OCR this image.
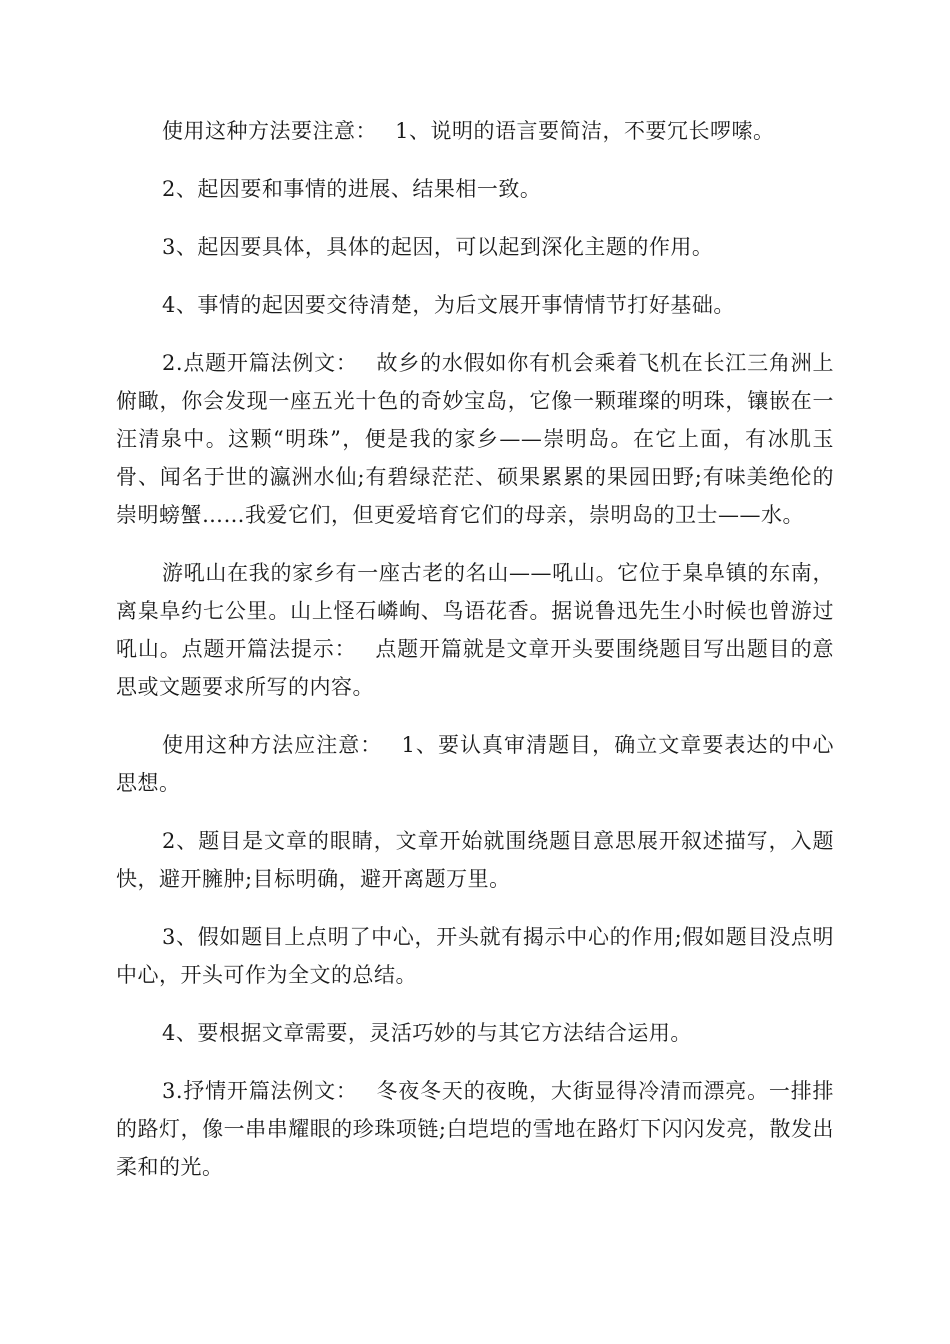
使用这种方法要注意：　 1、说明的语言要简洁，不要冗长啰嗦。

2、起因要和事情的进展、结果相一致。

3、起因要具体，具体的起因，可以起到深化主题的作用。

4、事情的起因要交待清楚，为后文展开事情情节打好基础。

2.点题开篇法例文：　 故乡的水假如你有机会乘着飞机在长江三角洲上俯瞰，你会发现一座五光十色的奇妙宝岛，它像一颗璀璨的明珠，镶嵌在一汪清泉中。这颗“明珠”，便是我的家乡——崇明岛。在它上面，有冰肌玉骨、闻名于世的瀛洲水仙;有碧绿茫茫、硕果累累的果园田野;有味美绝伦的崇明螃蟹……我爱它们，但更爱培育它们的母亲，崇明岛的卫士——水。

游吼山在我的家乡有一座古老的名山——吼山。它位于臬阜镇的东南，离臬阜约七公里。山上怪石嶙峋、鸟语花香。据说鲁迅先生小时候也曾游过吼山。点题开篇法提示：　 点题开篇就是文章开头要围绕题目写出题目的意思或文题要求所写的内容。

使用这种方法应注意：　 1、要认真审清题目，确立文章要表达的中心思想。

2、题目是文章的眼睛，文章开始就围绕题目意思展开叙述描写，入题快，避开臃肿;目标明确，避开离题万里。

3、假如题目上点明了中心，开头就有揭示中心的作用;假如题目没点明中心，开头可作为全文的总结。

4、要根据文章需要，灵活巧妙的与其它方法结合运用。

3.抒情开篇法例文：　 冬夜冬天的夜晚，大街显得冷清而漂亮。一排排的路灯，像一串串耀眼的珍珠项链;白垲垲的雪地在路灯下闪闪发亮，散发出柔和的光。
